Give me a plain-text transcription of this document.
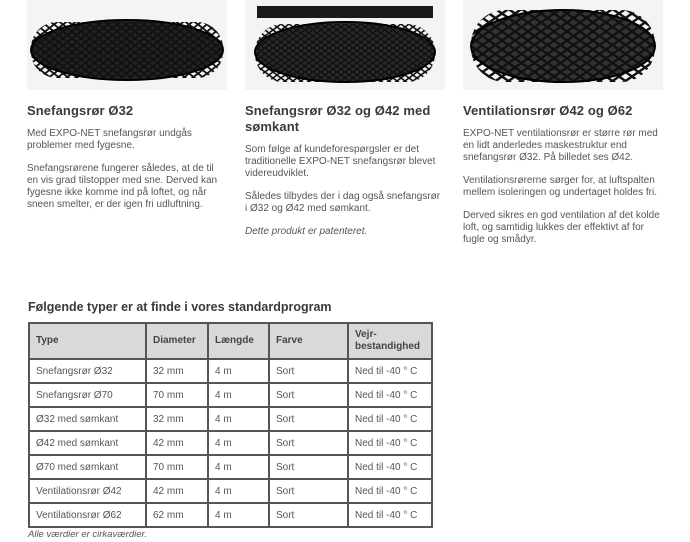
Snefangsrør Ø32

Med EXPO-NET snefangsrør undgås problemer med fygesne.

Snefangsrørene fungerer således, at de til en vis grad tilstopper med sne. Derved kan fygesne ikke komme ind på loftet, og når sneen smelter, er der igen fri udluftning.

Snefangsrør Ø32 og Ø42 med sømkant

Som følge af kundeforespørgsler er det traditionelle EXPO-NET snefangsrør blevet videreudviklet.

Således tilbydes der i dag også snefangsrør i Ø32 og Ø42 med sømkant.

Dette produkt er patenteret.

Ventilationsrør Ø42 og Ø62

EXPO-NET ventilationsrør er større rør med en lidt anderledes maskestruktur end snefangsrør Ø32. På billedet ses Ø42.

Ventilationsrørerne sørger for, at luftspalten mellem isoleringen og undertaget holdes fri.

Derved sikres en god ventilation af det kolde loft, og samtidig lukkes der effektivt af for fugle og smådyr.

Følgende typer er at finde i vores standardprogram
Type	Diameter	Længde	Farve	Vejr-bestandighed
Snefangsrør Ø32	32 mm	4 m	Sort	Ned til -40 ° C
Snefangsrør Ø70	70 mm	4 m	Sort	Ned til -40 ° C
Ø32 med sømkant	32 mm	4 m	Sort	Ned til -40 ° C
Ø42 med sømkant	42 mm	4 m	Sort	Ned til -40 ° C
Ø70 med sømkant	70 mm	4 m	Sort	Ned til -40 ° C
Ventilationsrør Ø42	42 mm	4 m	Sort	Ned til -40 ° C
Ventilationsrør Ø62	62 mm	4 m	Sort	Ned til -40 ° C
Alle værdier er cirkaværdier.
